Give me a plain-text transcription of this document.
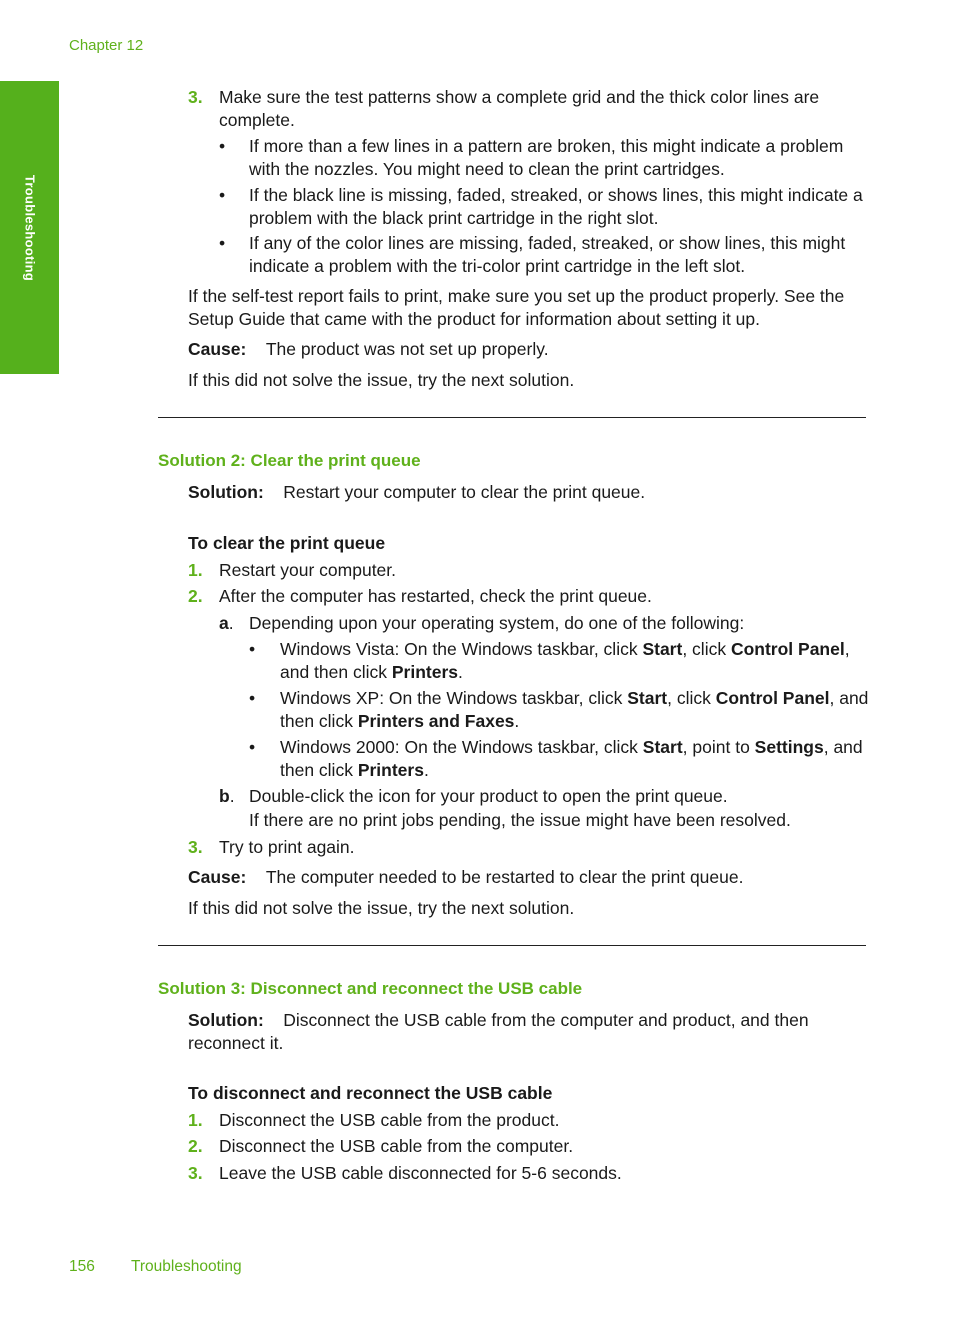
Chapter 12
Troubleshooting
3. Make sure the test patterns show a complete grid and the thick color lines are complete.
• If more than a few lines in a pattern are broken, this might indicate a problem with the nozzles. You might need to clean the print cartridges.
• If the black line is missing, faded, streaked, or shows lines, this might indicate a problem with the black print cartridge in the right slot.
• If any of the color lines are missing, faded, streaked, or show lines, this might indicate a problem with the tri-color print cartridge in the left slot.
If the self-test report fails to print, make sure you set up the product properly. See the Setup Guide that came with the product for information about setting it up.
Cause: The product was not set up properly.
If this did not solve the issue, try the next solution.
Solution 2: Clear the print queue
Solution: Restart your computer to clear the print queue.
To clear the print queue
1. Restart your computer.
2. After the computer has restarted, check the print queue.
a. Depending upon your operating system, do one of the following:
• Windows Vista: On the Windows taskbar, click Start, click Control Panel, and then click Printers.
• Windows XP: On the Windows taskbar, click Start, click Control Panel, and then click Printers and Faxes.
• Windows 2000: On the Windows taskbar, click Start, point to Settings, and then click Printers.
b. Double-click the icon for your product to open the print queue.
If there are no print jobs pending, the issue might have been resolved.
3. Try to print again.
Cause: The computer needed to be restarted to clear the print queue.
If this did not solve the issue, try the next solution.
Solution 3: Disconnect and reconnect the USB cable
Solution: Disconnect the USB cable from the computer and product, and then reconnect it.
To disconnect and reconnect the USB cable
1. Disconnect the USB cable from the product.
2. Disconnect the USB cable from the computer.
3. Leave the USB cable disconnected for 5-6 seconds.
156 Troubleshooting
